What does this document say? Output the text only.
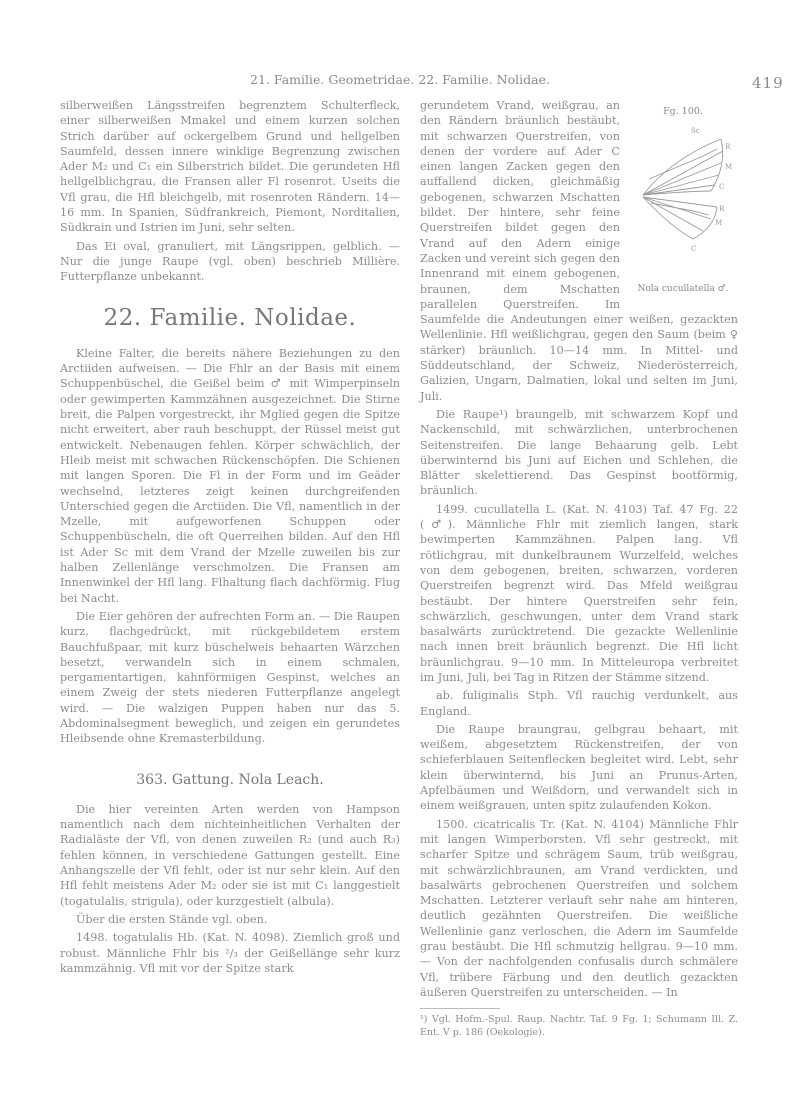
21. Familie. Geometridae. 22. Familie. Nolidae.	419

silberweißen Längsstreifen begrenztem Schulterfleck, einer silberweißen Mmakel und einem kurzen solchen Strich darüber auf ockergelbem Grund und hellgelben Saumfeld, dessen innere winklige Begrenzung zwischen Ader M₂ und C₁ ein Silberstrich bildet. Die gerundeten Hfl hellgelblichgrau, die Fransen aller Fl rosenrot. Useits die Vfl grau, die Hfl bleichgelb, mit rosenroten Rändern. 14—16 mm. In Spanien, Südfrankreich, Piemont, Norditalien, Südkrain und Istrien im Juni, sehr selten.

Das Ei oval, granuliert, mit Längsrippen, gelblich. — Nur die junge Raupe (vgl. oben) beschrieb Millière. Futterpflanze unbekannt.

22. Familie. Nolidae.

Kleine Falter, die bereits nähere Beziehungen zu den Arctiiden aufweisen. — Die Fhlr an der Basis mit einem Schuppenbüschel, die Geißel beim ♂ mit Wimperpinseln oder gewimperten Kammzähnen ausgezeichnet. Die Stirne breit, die Palpen vorgestreckt, ihr Mglied gegen die Spitze nicht erweitert, aber rauh beschuppt, der Rüssel meist gut entwickelt. Nebenaugen fehlen. Körper schwächlich, der Hleib meist mit schwachen Rückenschöpfen. Die Schienen mit langen Sporen. Die Fl in der Form und im Geäder wechselnd, letzteres zeigt keinen durchgreifenden Unterschied gegen die Arctiiden. Die Vfl, namentlich in der Mzelle, mit aufgeworfenen Schuppen oder Schuppenbüscheln, die oft Querreihen bilden. Auf den Hfl ist Ader Sc mit dem Vrand der Mzelle zuweilen bis zur halben Zellenlänge verschmolzen. Die Fransen am Innenwinkel der Hfl lang. Flhaltung flach dachförmig. Flug bei Nacht.

Die Eier gehören der aufrechten Form an. — Die Raupen kurz, flachgedrückt, mit rückgebildetem erstem Bauchfußpaar, mit kurz büschelweis behaarten Wärzchen besetzt, verwandeln sich in einem schmalen, pergamentartigen, kahnförmigen Gespinst, welches an einem Zweig der stets niederen Futterpflanze angelegt wird. — Die walzigen Puppen haben nur das 5. Abdominalsegment beweglich, und zeigen ein gerundetes Hleibsende ohne Kremasterbildung.

363. Gattung. Nola Leach.

Die hier vereinten Arten werden von Hampson namentlich nach dem nichteinheitlichen Verhalten der Radialäste der Vfl, von denen zuweilen R₂ (und auch R₃) fehlen können, in verschiedene Gattungen gestellt. Eine Anhangszelle der Vfl fehlt, oder ist nur sehr klein. Auf den Hfl fehlt meistens Ader M₂ oder sie ist mit C₁ langgestielt (togatulalis, strigula), oder kurzgestielt (albula).

Über die ersten Stände vgl. oben.

1498. togatulalis Hb. (Kat. N. 4098). Ziemlich groß und robust. Männliche Fhlr bis ²/₃ der Geißellänge sehr kurz kammzähnig. Vfl mit vor der Spitze stark

Fg. 100.
Sc
R
M
C
R
M
C
Nola cucullatella ♂.

gerundetem Vrand, weißgrau, an den Rändern bräunlich bestäubt, mit schwarzen Querstreifen, von denen der vordere auf Ader C einen langen Zacken gegen den auffallend dicken, gleichmäßig gebogenen, schwarzen Mschatten bildet. Der hintere, sehr feine Querstreifen bildet gegen den Vrand auf den Adern einige Zacken und vereint sich gegen den Innenrand mit einem gebogenen, braunen, dem Mschatten parallelen Querstreifen. Im Saumfelde die Andeutungen einer weißen, gezackten Wellenlinie. Hfl weißlichgrau, gegen den Saum (beim ♀ stärker) bräunlich. 10—14 mm. In Mittel- und Süddeutschland, der Schweiz, Niederösterreich, Galizien, Ungarn, Dalmatien, lokal und selten im Juni, Juli.

Die Raupe¹) braungelb, mit schwarzem Kopf und Nackenschild, mit schwärzlichen, unterbrochenen Seitenstreifen. Die lange Behaarung gelb. Lebt überwinternd bis Juni auf Eichen und Schlehen, die Blätter skelettierend. Das Gespinst bootförmig, bräunlich.

1499. cucullatella L. (Kat. N. 4103) Taf. 47 Fg. 22 (♂). Männliche Fhlr mit ziemlich langen, stark bewimperten Kammzähnen. Palpen lang. Vfl rötlichgrau, mit dunkelbraunem Wurzelfeld, welches von dem gebogenen, breiten, schwarzen, vorderen Querstreifen begrenzt wird. Das Mfeld weißgrau bestäubt. Der hintere Querstreifen sehr fein, schwärzlich, geschwungen, unter dem Vrand stark basalwärts zurücktretend. Die gezackte Wellenlinie nach innen breit bräunlich begrenzt. Die Hfl licht bräunlichgrau. 9—10 mm. In Mitteleuropa verbreitet im Juni, Juli, bei Tag in Ritzen der Stämme sitzend.

ab. fuliginalis Stph. Vfl rauchig verdunkelt, aus England.

Die Raupe braungrau, gelbgrau behaart, mit weißem, abgesetztem Rückenstreifen, der von schieferblauen Seitenflecken begleitet wird. Lebt, sehr klein überwinternd, bis Juni an Prunus-Arten, Apfelbäumen und Weißdorn, und verwandelt sich in einem weißgrauen, unten spitz zulaufenden Kokon.

1500. cicatricalis Tr. (Kat. N. 4104) Männliche Fhlr mit langen Wimperborsten. Vfl sehr gestreckt, mit scharfer Spitze und schrägem Saum, trüb weißgrau, mit schwärzlichbraunen, am Vrand verdickten, und basalwärts gebrochenen Querstreifen und solchem Mschatten. Letzterer verlauft sehr nahe am hinteren, deutlich gezähnten Querstreifen. Die weißliche Wellenlinie ganz verloschen, die Adern im Saumfelde grau bestäubt. Die Hfl schmutzig hellgrau. 9—10 mm. — Von der nachfolgenden confusalis durch schmälere Vfl, trübere Färbung und den deutlich gezackten äußeren Querstreifen zu unterscheiden. — In

¹) Vgl. Hofm.-Spul. Raup. Nachtr. Taf. 9 Fg. 1; Schumann Ill. Z. Ent. V p. 186 (Oekologie).
